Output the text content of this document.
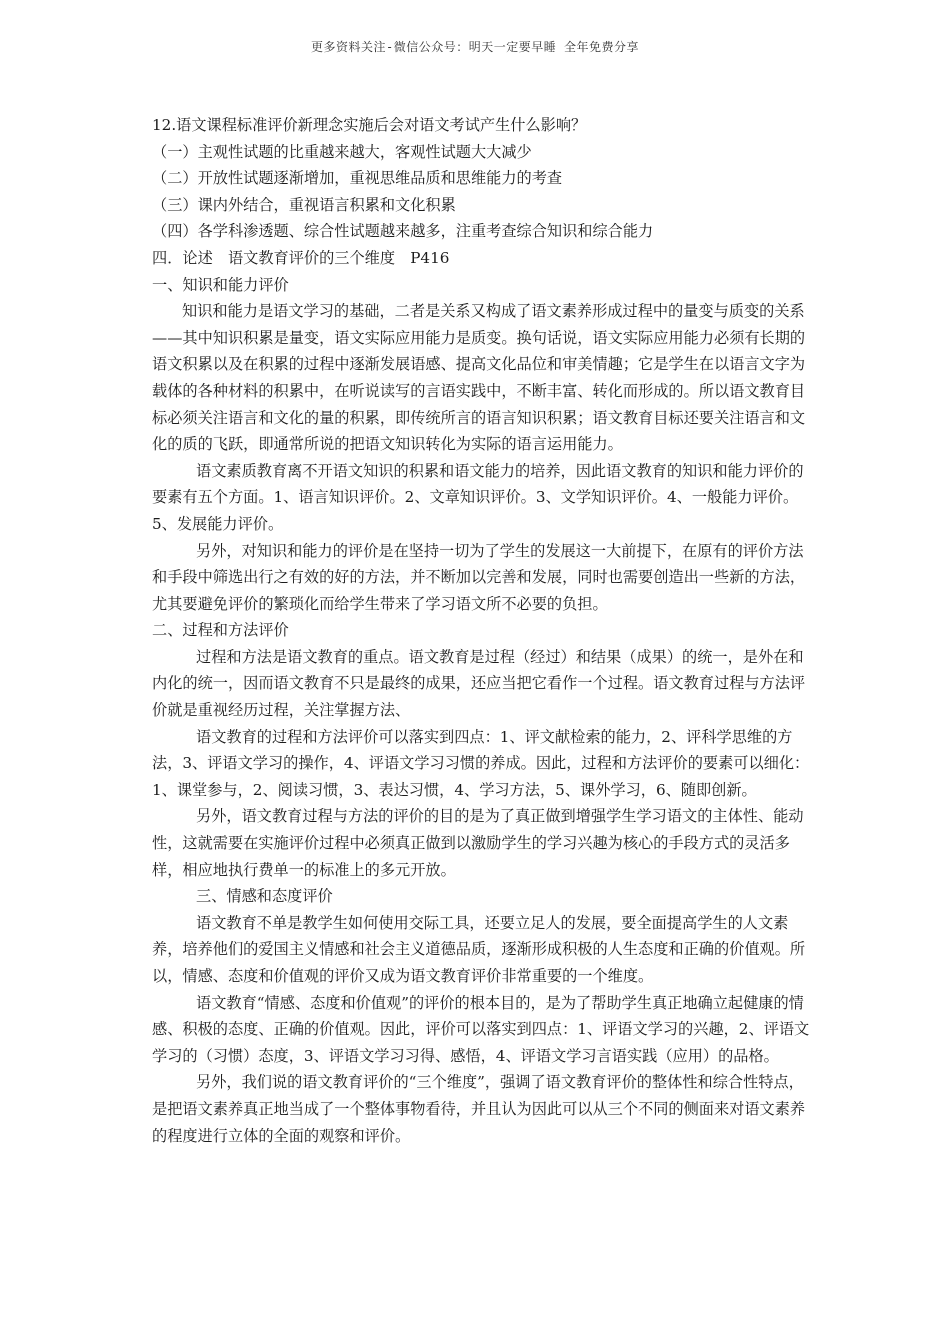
更多资料关注-微信公众号：明天一定要早睡 全年免费分享

12.语文课程标准评价新理念实施后会对语文考试产生什么影响？

（一）主观性试题的比重越来越大，客观性试题大大减少

（二）开放性试题逐渐增加，重视思维品质和思维能力的考查

（三）课内外结合，重视语言积累和文化积累

（四）各学科渗透题、综合性试题越来越多，注重考查综合知识和综合能力

四．论述　语文教育评价的三个维度　P416

一、知识和能力评价

知识和能力是语文学习的基础，二者是关系又构成了语文素养形成过程中的量变与质变的关系——其中知识积累是量变，语文实际应用能力是质变。换句话说，语文实际应用能力必须有长期的语文积累以及在积累的过程中逐渐发展语感、提高文化品位和审美情趣；它是学生在以语言文字为载体的各种材料的积累中，在听说读写的言语实践中，不断丰富、转化而形成的。所以语文教育目标必须关注语言和文化的量的积累，即传统所言的语言知识积累；语文教育目标还要关注语言和文化的质的飞跃，即通常所说的把语文知识转化为实际的语言运用能力。

语文素质教育离不开语文知识的积累和语文能力的培养，因此语文教育的知识和能力评价的要素有五个方面。1、语言知识评价。2、文章知识评价。3、文学知识评价。4、一般能力评价。5、发展能力评价。

另外，对知识和能力的评价是在坚持一切为了学生的发展这一大前提下，在原有的评价方法和手段中筛选出行之有效的好的方法，并不断加以完善和发展，同时也需要创造出一些新的方法，尤其要避免评价的繁琐化而给学生带来了学习语文所不必要的负担。

二、过程和方法评价

过程和方法是语文教育的重点。语文教育是过程（经过）和结果（成果）的统一，是外在和内化的统一，因而语文教育不只是最终的成果，还应当把它看作一个过程。语文教育过程与方法评价就是重视经历过程，关注掌握方法、

语文教育的过程和方法评价可以落实到四点：1、评文献检索的能力，2、评科学思维的方法，3、评语文学习的操作，4、评语文学习习惯的养成。因此，过程和方法评价的要素可以细化：1、课堂参与，2、阅读习惯，3、表达习惯，4、学习方法，5、课外学习，6、随即创新。

另外，语文教育过程与方法的评价的目的是为了真正做到增强学生学习语文的主体性、能动性，这就需要在实施评价过程中必须真正做到以激励学生的学习兴趣为核心的手段方式的灵活多样，相应地执行费单一的标准上的多元开放。

三、情感和态度评价

语文教育不单是教学生如何使用交际工具，还要立足人的发展，要全面提高学生的人文素养，培养他们的爱国主义情感和社会主义道德品质，逐渐形成积极的人生态度和正确的价值观。所以，情感、态度和价值观的评价又成为语文教育评价非常重要的一个维度。

语文教育“情感、态度和价值观”的评价的根本目的，是为了帮助学生真正地确立起健康的情感、积极的态度、正确的价值观。因此，评价可以落实到四点：1、评语文学习的兴趣，2、评语文学习的（习惯）态度，3、评语文学习习得、感悟，4、评语文学习言语实践（应用）的品格。

另外，我们说的语文教育评价的“三个维度”，强调了语文教育评价的整体性和综合性特点，是把语文素养真正地当成了一个整体事物看待，并且认为因此可以从三个不同的侧面来对语文素养的程度进行立体的全面的观察和评价。
